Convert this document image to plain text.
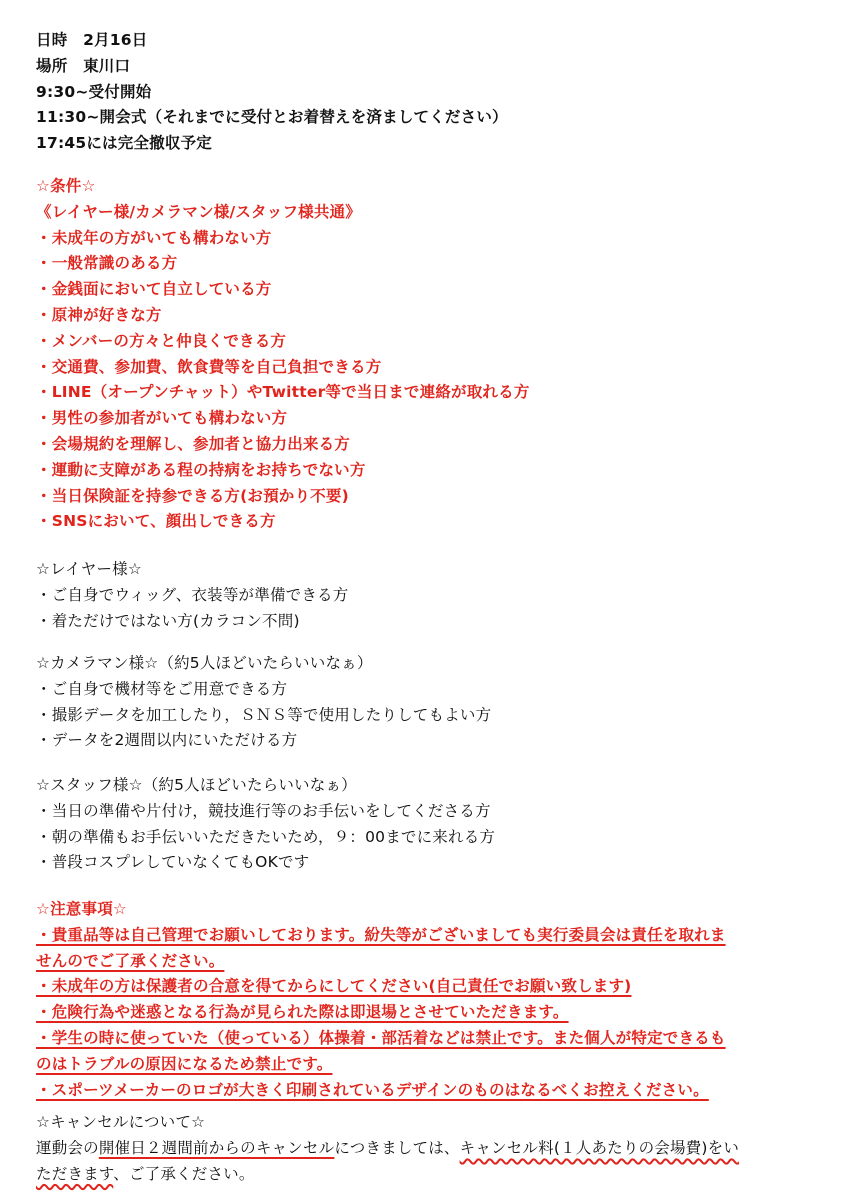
日時　2月16日
場所　東川口
9:30~受付開始
11:30~開会式（それまでに受付とお着替えを済ましてください）
17:45には完全撤収予定
☆条件☆
《レイヤー様/カメラマン様/スタッフ様共通》
・未成年の方がいても構わない方
・一般常識のある方
・金銭面において自立している方
・原神が好きな方
・メンバーの方々と仲良くできる方
・交通費、参加費、飲食費等を自己負担できる方
・LINE（オープンチャット）やTwitter等で当日まで連絡が取れる方
・男性の参加者がいても構わない方
・会場規約を理解し、参加者と協力出来る方
・運動に支障がある程の持病をお持ちでない方
・当日保険証を持参できる方(お預かり不要)
・SNSにおいて、顔出しできる方
☆レイヤー様☆
・ご自身でウィッグ、衣装等が準備できる方
・着ただけではない方(カラコン不問)
☆カメラマン様☆（約5人ほどいたらいいなぁ）
・ご自身で機材等をご用意できる方
・撮影データを加工したり，ＳＮＳ等で使用したりしてもよい方
・データを2週間以内にいただける方
☆スタッフ様☆（約5人ほどいたらいいなぁ）
・当日の準備や片付け，競技進行等のお手伝いをしてくださる方
・朝の準備もお手伝いいただきたいため，９：00までに来れる方
・普段コスプレしていなくてもOKです
☆注意事項☆
・貴重品等は自己管理でお願いしております。紛失等がございましても実行委員会は責任を取れま
せんのでご了承ください。
・未成年の方は保護者の合意を得てからにしてください(自己責任でお願い致します)
・危険行為や迷惑となる行為が見られた際は即退場とさせていただきます。
・学生の時に使っていた（使っている）体操着・部活着などは禁止です。また個人が特定できるも
のはトラブルの原因になるため禁止です。
・スポーツメーカーのロゴが大きく印刷されているデザインのものはなるべくお控えください。
☆キャンセルについて☆
運動会の開催日２週間前からのキャンセルにつきましては、キャンセル料(１人あたりの会場費)をい
ただきます、ご了承ください。
